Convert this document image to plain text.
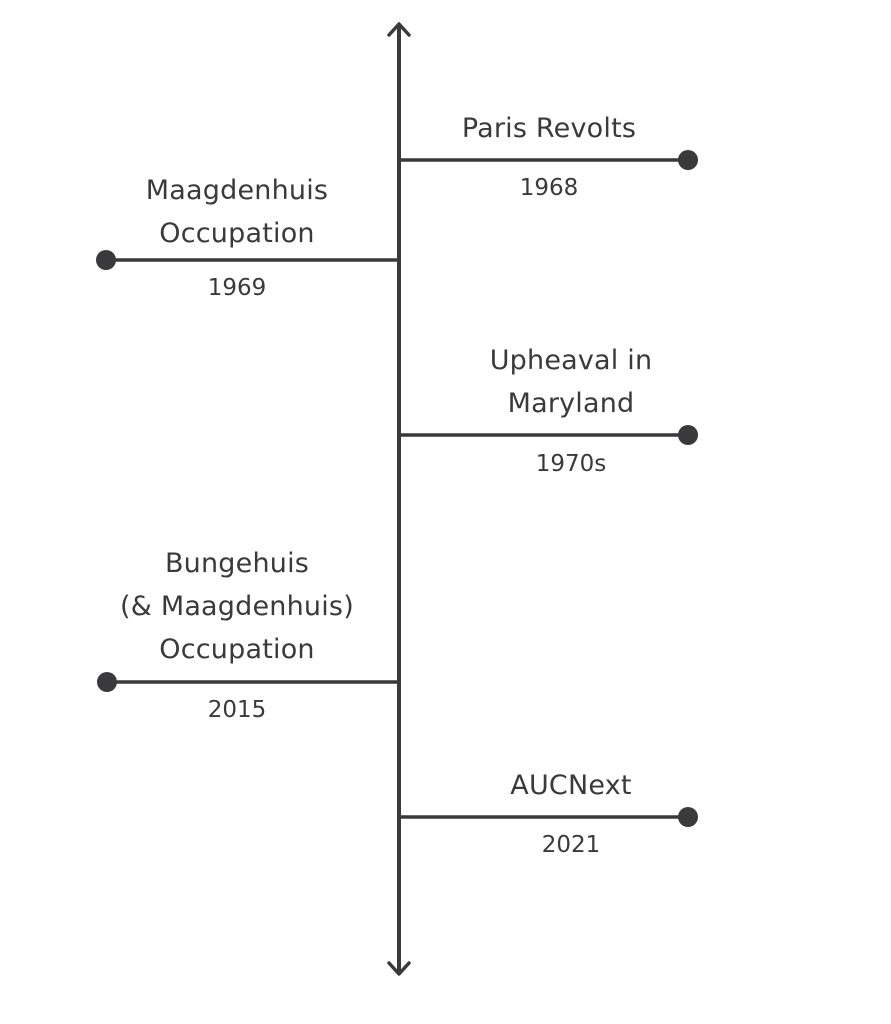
Paris Revolts
1968
Maagdenhuis
Occupation
1969
Upheaval in
Maryland
1970s
Bungehuis
(& Maagdenhuis)
Occupation
2015
AUCNext
2021
